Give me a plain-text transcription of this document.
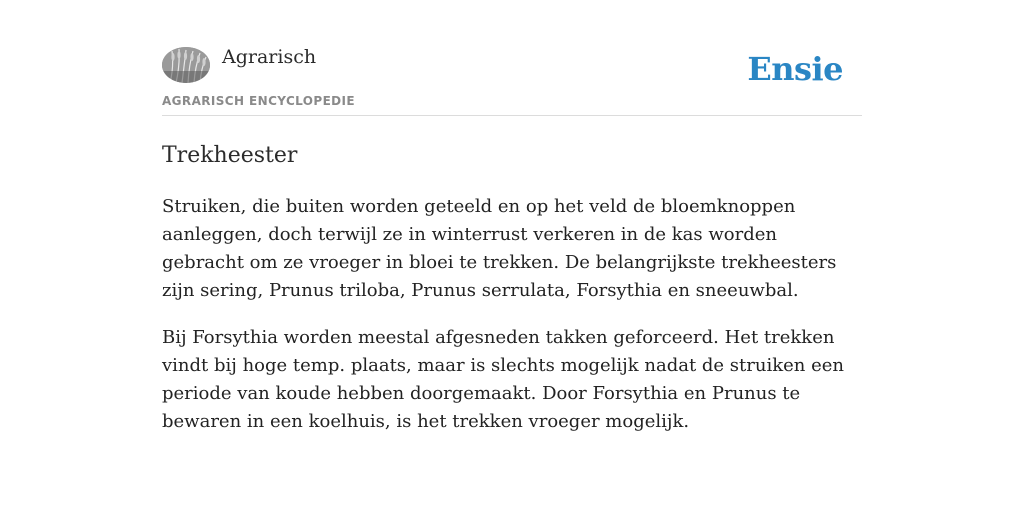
Agrarisch
AGRARISCH ENCYCLOPEDIE
Ensie
Trekheester

Struiken, die buiten worden geteeld en op het veld de bloemknoppen aanleggen, doch terwijl ze in winterrust verkeren in de kas worden gebracht om ze vroeger in bloei te trekken. De belangrijkste trekheesters zijn sering, Prunus triloba, Prunus serrulata, Forsythia en sneeuwbal.

Bij Forsythia worden meestal afgesneden takken geforceerd. Het trekken vindt bij hoge temp. plaats, maar is slechts mogelijk nadat de struiken een periode van koude hebben doorgemaakt. Door Forsythia en Prunus te bewaren in een koelhuis, is het trekken vroeger mogelijk.
